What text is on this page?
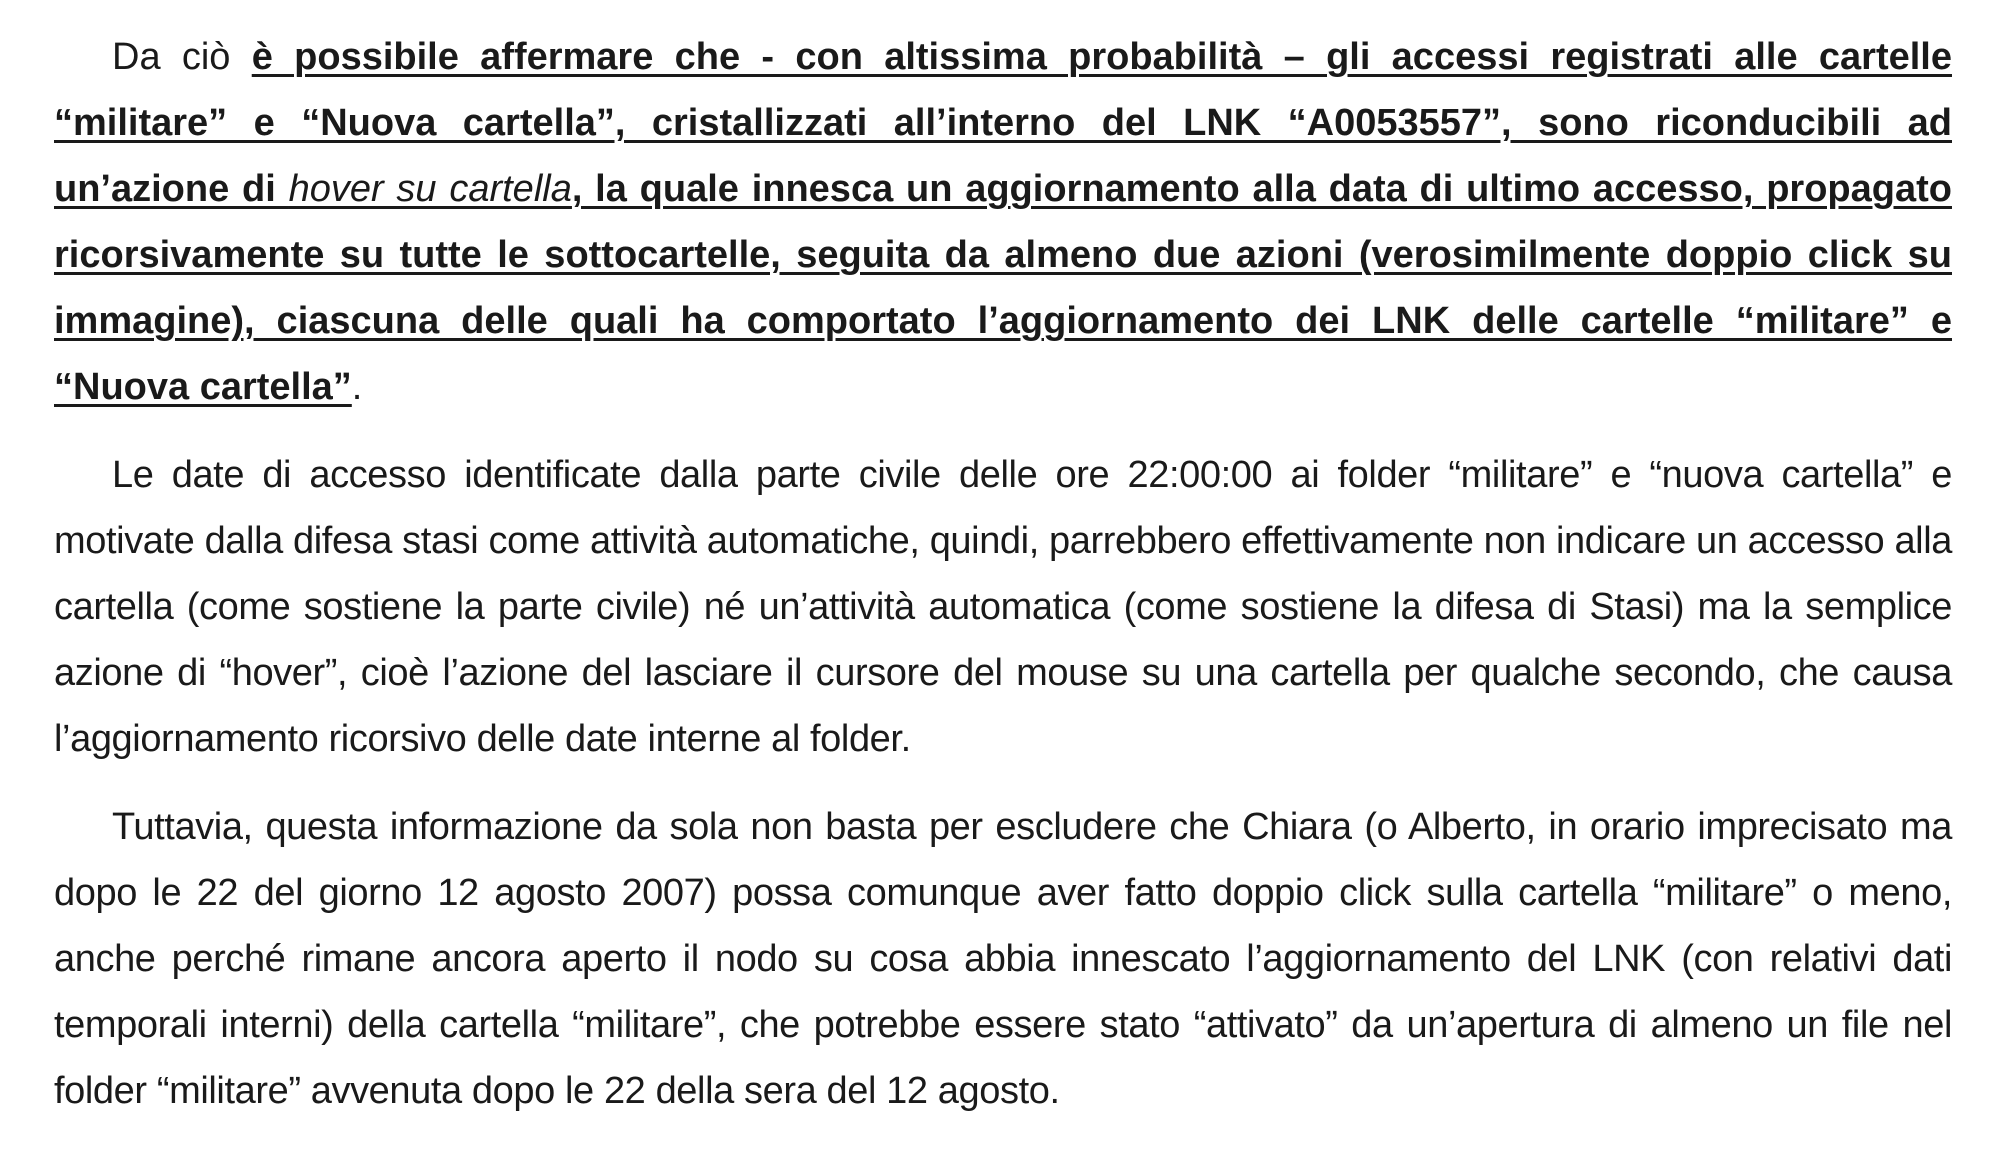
Da ciò è possibile affermare che - con altissima probabilità – gli accessi registrati alle cartelle “militare” e “Nuova cartella”, cristallizzati all’interno del LNK “A0053557”, sono riconducibili ad un’azione di hover su cartella, la quale innesca un aggiornamento alla data di ultimo accesso, propagato ricorsivamente su tutte le sottocartelle, seguita da almeno due azioni (verosimilmente doppio click su immagine), ciascuna delle quali ha comportato l’aggiornamento dei LNK delle cartelle “militare” e “Nuova cartella”.

Le date di accesso identificate dalla parte civile delle ore 22:00:00 ai folder “militare” e “nuova cartella” e motivate dalla difesa stasi come attività automatiche, quindi, parrebbero effettivamente non indicare un accesso alla cartella (come sostiene la parte civile) né un’attività automatica (come sostiene la difesa di Stasi) ma la semplice azione di “hover”, cioè l’azione del lasciare il cursore del mouse su una cartella per qualche secondo, che causa l’aggiornamento ricorsivo delle date interne al folder.

Tuttavia, questa informazione da sola non basta per escludere che Chiara (o Alberto, in orario imprecisato ma dopo le 22 del giorno 12 agosto 2007) possa comunque aver fatto doppio click sulla cartella “militare” o meno, anche perché rimane ancora aperto il nodo su cosa abbia innescato l’aggiornamento del LNK (con relativi dati temporali interni) della cartella “militare”, che potrebbe essere stato “attivato” da un’apertura di almeno un file nel folder “militare” avvenuta dopo le 22 della sera del 12 agosto.
